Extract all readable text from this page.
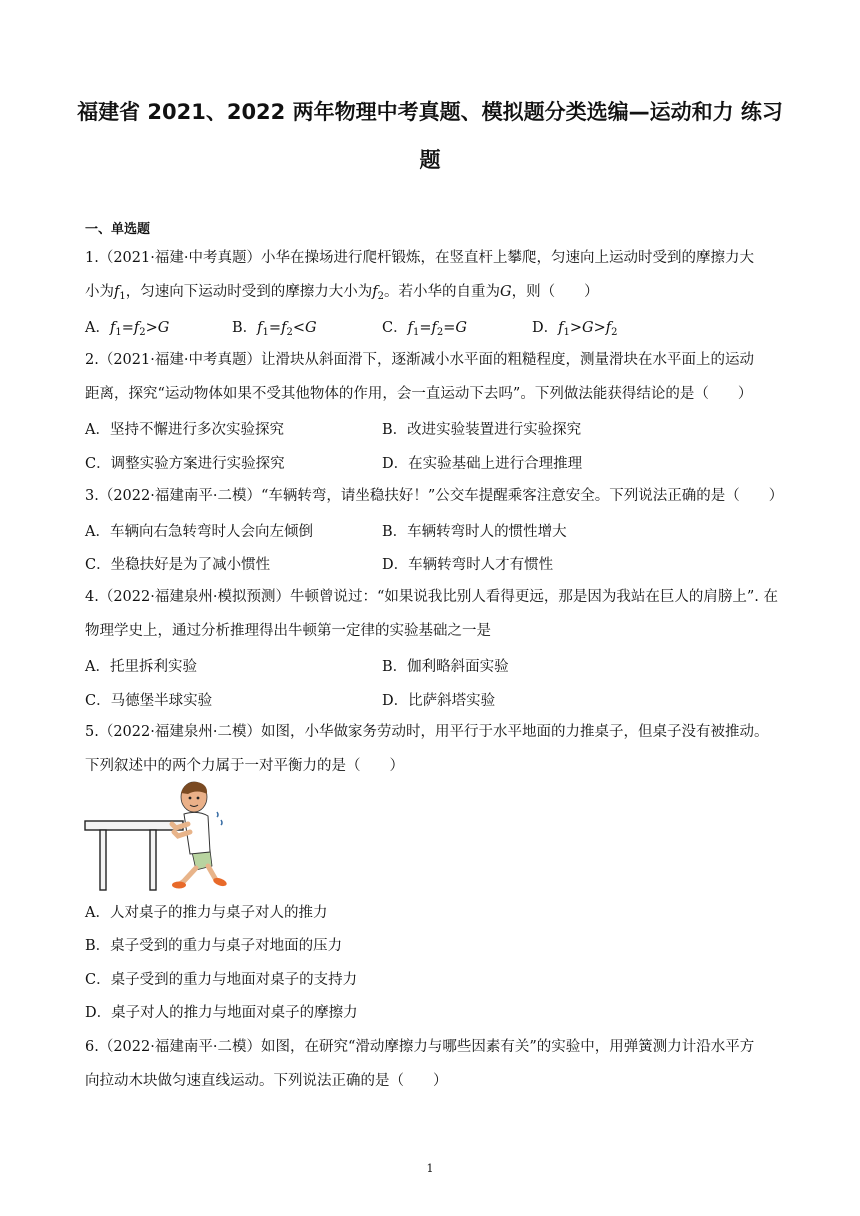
福建省 2021、2022 两年物理中考真题、模拟题分类选编—运动和力 练习
题
一、单选题
1.（2021·福建·中考真题）小华在操场进行爬杆锻炼，在竖直杆上攀爬，匀速向上运动时受到的摩擦力大
小为$f_1$，匀速向下运动时受到的摩擦力大小为$f_2$。若小华的自重为G，则（　　）
A．$f_1=f_2>G$	B．$f_1=f_2<G$	C．$f_1=f_2=G$	D．$f_1>G>f_2$
2.（2021·福建·中考真题）让滑块从斜面滑下，逐渐减小水平面的粗糙程度，测量滑块在水平面上的运动
距离，探究“运动物体如果不受其他物体的作用，会一直运动下去吗”。下列做法能获得结论的是（　　）
A．坚持不懈进行多次实验探究	B．改进实验装置进行实验探究
C．调整实验方案进行实验探究	D．在实验基础上进行合理推理
3.（2022·福建南平·二模）“车辆转弯，请坐稳扶好！”公交车提醒乘客注意安全。下列说法正确的是（　　）
A．车辆向右急转弯时人会向左倾倒	B．车辆转弯时人的惯性增大
C．坐稳扶好是为了减小惯性	D．车辆转弯时人才有惯性
4.（2022·福建泉州·模拟预测）牛顿曾说过：“如果说我比别人看得更远，那是因为我站在巨人的肩膀上”. 在
物理学史上，通过分析推理得出牛顿第一定律的实验基础之一是
A．托里拆利实验	B．伽利略斜面实验
C．马德堡半球实验	D．比萨斜塔实验
5.（2022·福建泉州·二模）如图，小华做家务劳动时，用平行于水平地面的力推桌子，但桌子没有被推动。
下列叙述中的两个力属于一对平衡力的是（　　）
A．人对桌子的推力与桌子对人的推力
B．桌子受到的重力与桌子对地面的压力
C．桌子受到的重力与地面对桌子的支持力
D．桌子对人的推力与地面对桌子的摩擦力
6.（2022·福建南平·二模）如图，在研究“滑动摩擦力与哪些因素有关”的实验中，用弹簧测力计沿水平方
向拉动木块做匀速直线运动。下列说法正确的是（　　）
1
